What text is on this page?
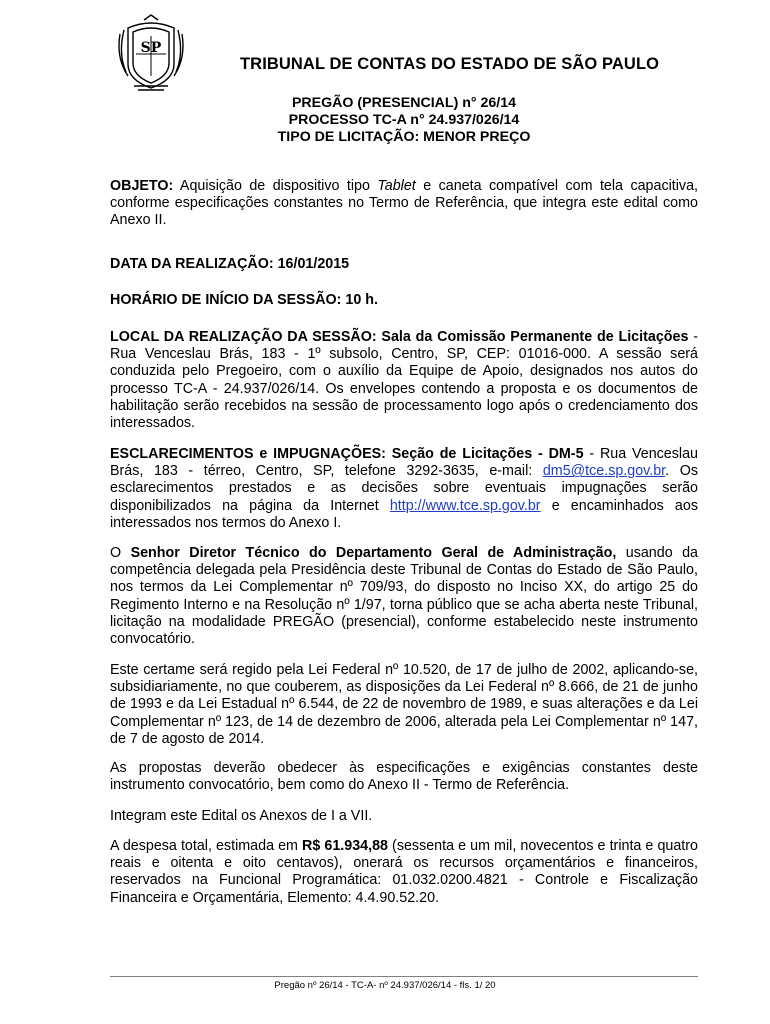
SP
TRIBUNAL DE CONTAS DO ESTADO DE SÃO PAULO
PREGÃO (PRESENCIAL) n° 26/14
PROCESSO TC-A n° 24.937/026/14
TIPO DE LICITAÇÃO: MENOR PREÇO
OBJETO: Aquisição de dispositivo tipo Tablet e caneta compatível com tela capacitiva, conforme especificações constantes no Termo de Referência, que integra este edital como Anexo II.
DATA DA REALIZAÇÃO: 16/01/2015
HORÁRIO DE INÍCIO DA SESSÃO: 10 h.
LOCAL DA REALIZAÇÃO DA SESSÃO: Sala da Comissão Permanente de Licitações - Rua Venceslau Brás, 183 - 1º subsolo, Centro, SP, CEP: 01016-000. A sessão será conduzida pelo Pregoeiro, com o auxílio da Equipe de Apoio, designados nos autos do processo TC-A - 24.937/026/14. Os envelopes contendo a proposta e os documentos de habilitação serão recebidos na sessão de processamento logo após o credenciamento dos interessados.
ESCLARECIMENTOS e IMPUGNAÇÕES: Seção de Licitações - DM-5 - Rua Venceslau Brás, 183 - térreo, Centro, SP, telefone 3292-3635, e-mail: dm5@tce.sp.gov.br. Os esclarecimentos prestados e as decisões sobre eventuais impugnações serão disponibilizados na página da Internet http://www.tce.sp.gov.br e encaminhados aos interessados nos termos do Anexo I.
O Senhor Diretor Técnico do Departamento Geral de Administração, usando da competência delegada pela Presidência deste Tribunal de Contas do Estado de São Paulo, nos termos da Lei Complementar nº 709/93, do disposto no Inciso XX, do artigo 25 do Regimento Interno e na Resolução nº 1/97, torna público que se acha aberta neste Tribunal, licitação na modalidade PREGÃO (presencial), conforme estabelecido neste instrumento convocatório.
Este certame será regido pela Lei Federal nº 10.520, de 17 de julho de 2002, aplicando-se, subsidiariamente, no que couberem, as disposições da Lei Federal nº 8.666, de 21 de junho de 1993 e da Lei Estadual nº 6.544, de 22 de novembro de 1989, e suas alterações e da Lei Complementar nº 123, de 14 de dezembro de 2006, alterada pela Lei Complementar nº 147, de 7 de agosto de 2014.
As propostas deverão obedecer às especificações e exigências constantes deste instrumento convocatório, bem como do Anexo II - Termo de Referência.
Integram este Edital os Anexos de I a VII.
A despesa total, estimada em R$ 61.934,88 (sessenta e um mil, novecentos e trinta e quatro reais e oitenta e oito centavos), onerará os recursos orçamentários e financeiros, reservados na Funcional Programática: 01.032.0200.4821 - Controle e Fiscalização Financeira e Orçamentária, Elemento: 4.4.90.52.20.
Pregão nº 26/14 - TC-A- nº 24.937/026/14 - fls. 1/ 20
